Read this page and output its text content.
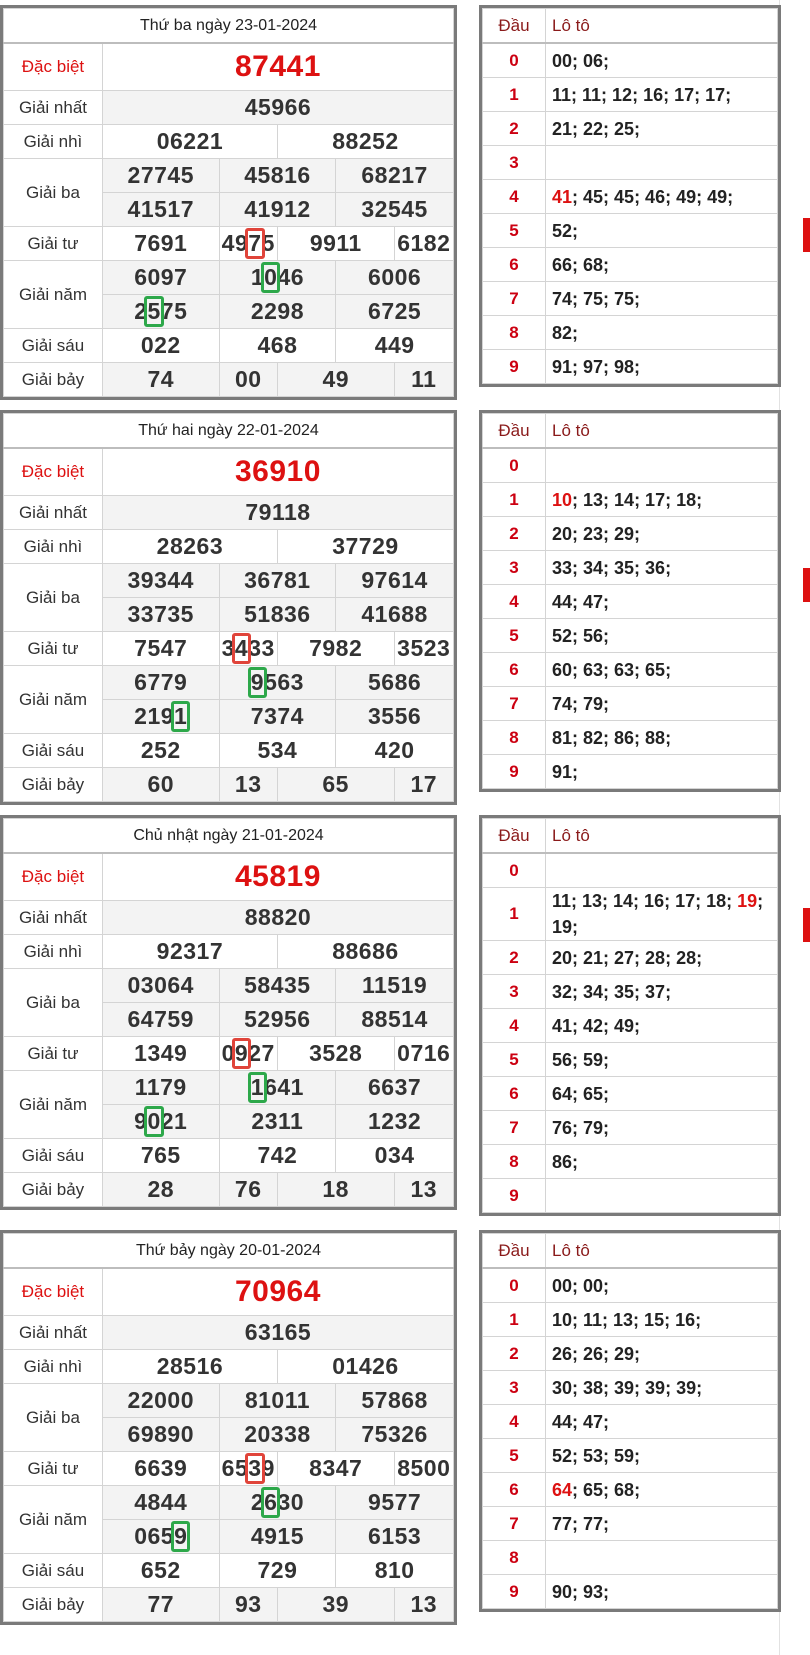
Thứ ba ngày 23-01-2024					
Đặc biệt	87441				
Giải nhất	45966				
Giải nhì	06221		88252		
Giải ba	27745	45816		68217	
	41517	41912		32545	
Giải tư	7691	4975	9911		6182
Giải năm	6097	1046		6006	
	2575	2298		6725	
Giải sáu	022	468		449	
Giải bảy	74	00	49		11
Đầu	Lô tô
0	00; 06;
1	11; 11; 12; 16; 17; 17;
2	21; 22; 25;
3	
4	41; 45; 45; 46; 49; 49;
5	52;
6	66; 68;
7	74; 75; 75;
8	82;
9	91; 97; 98;
Thứ hai ngày 22-01-2024					
Đặc biệt	36910				
Giải nhất	79118				
Giải nhì	28263		37729		
Giải ba	39344	36781		97614	
	33735	51836		41688	
Giải tư	7547	3433	7982		3523
Giải năm	6779	9563		5686	
	2191	7374		3556	
Giải sáu	252	534		420	
Giải bảy	60	13	65		17
Đầu	Lô tô
0	
1	10; 13; 14; 17; 18;
2	20; 23; 29;
3	33; 34; 35; 36;
4	44; 47;
5	52; 56;
6	60; 63; 63; 65;
7	74; 79;
8	81; 82; 86; 88;
9	91;
Chủ nhật ngày 21-01-2024					
Đặc biệt	45819				
Giải nhất	88820				
Giải nhì	92317		88686		
Giải ba	03064	58435		11519	
	64759	52956		88514	
Giải tư	1349	0927	3528		0716
Giải năm	1179	1641		6637	
	9021	2311		1232	
Giải sáu	765	742		034	
Giải bảy	28	76	18		13
Đầu	Lô tô
0	
1	11; 13; 14; 16; 17; 18; 19;
19;
2	20; 21; 27; 28; 28;
3	32; 34; 35; 37;
4	41; 42; 49;
5	56; 59;
6	64; 65;
7	76; 79;
8	86;
9	
Thứ bảy ngày 20-01-2024					
Đặc biệt	70964				
Giải nhất	63165				
Giải nhì	28516		01426		
Giải ba	22000	81011		57868	
	69890	20338		75326	
Giải tư	6639	6539	8347		8500
Giải năm	4844	2630		9577	
	0659	4915		6153	
Giải sáu	652	729		810	
Giải bảy	77	93	39		13
Đầu	Lô tô
0	00; 00;
1	10; 11; 13; 15; 16;
2	26; 26; 29;
3	30; 38; 39; 39; 39;
4	44; 47;
5	52; 53; 59;
6	64; 65; 68;
7	77; 77;
8	
9	90; 93;
